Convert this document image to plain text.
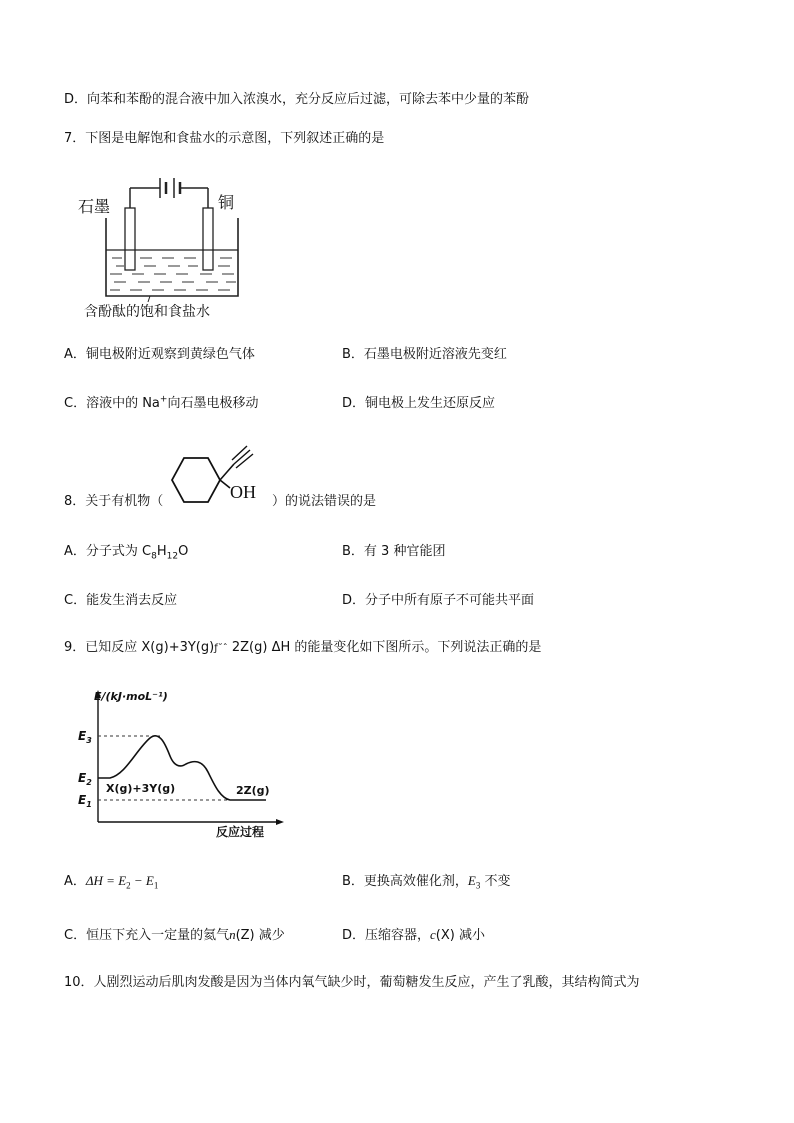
D．向苯和苯酚的混合液中加入浓溴水，充分反应后过滤，可除去苯中少量的苯酚
7．下图是电解饱和食盐水的示意图，下列叙述正确的是
石墨	铜
含酚酞的饱和食盐水
A．铜电极附近观察到黄绿色气体	B．石墨电极附近溶液先变红
C．溶液中的 Na+向石墨电极移动	D．铜电极上发生还原反应
8．关于有机物（	OH ）的说法错误的是
A．分子式为 $C_8H_{12}O$	B．有 3 种官能团
C．能发生消去反应	D．分子中所有原子不可能共平面
9．已知反应 X(g)+3Y(g)ƒ˘ˆ 2Z(g) ΔH 的能量变化如下图所示。下列说法正确的是
E/(kJ·moL⁻¹)
$E_3$
$E_2$
$E_1$
X(g)+3Y(g)	2Z(g)
反应过程
A．$\Delta H = E_2 - E_1$	B．更换高效催化剂，$E_3$ 不变
C．恒压下充入一定量的氦气n(Z) 减少	D．压缩容器，c(X) 减小
10．人剧烈运动后肌肉发酸是因为当体内氧气缺少时，葡萄糖发生反应，产生了乳酸，其结构简式为
